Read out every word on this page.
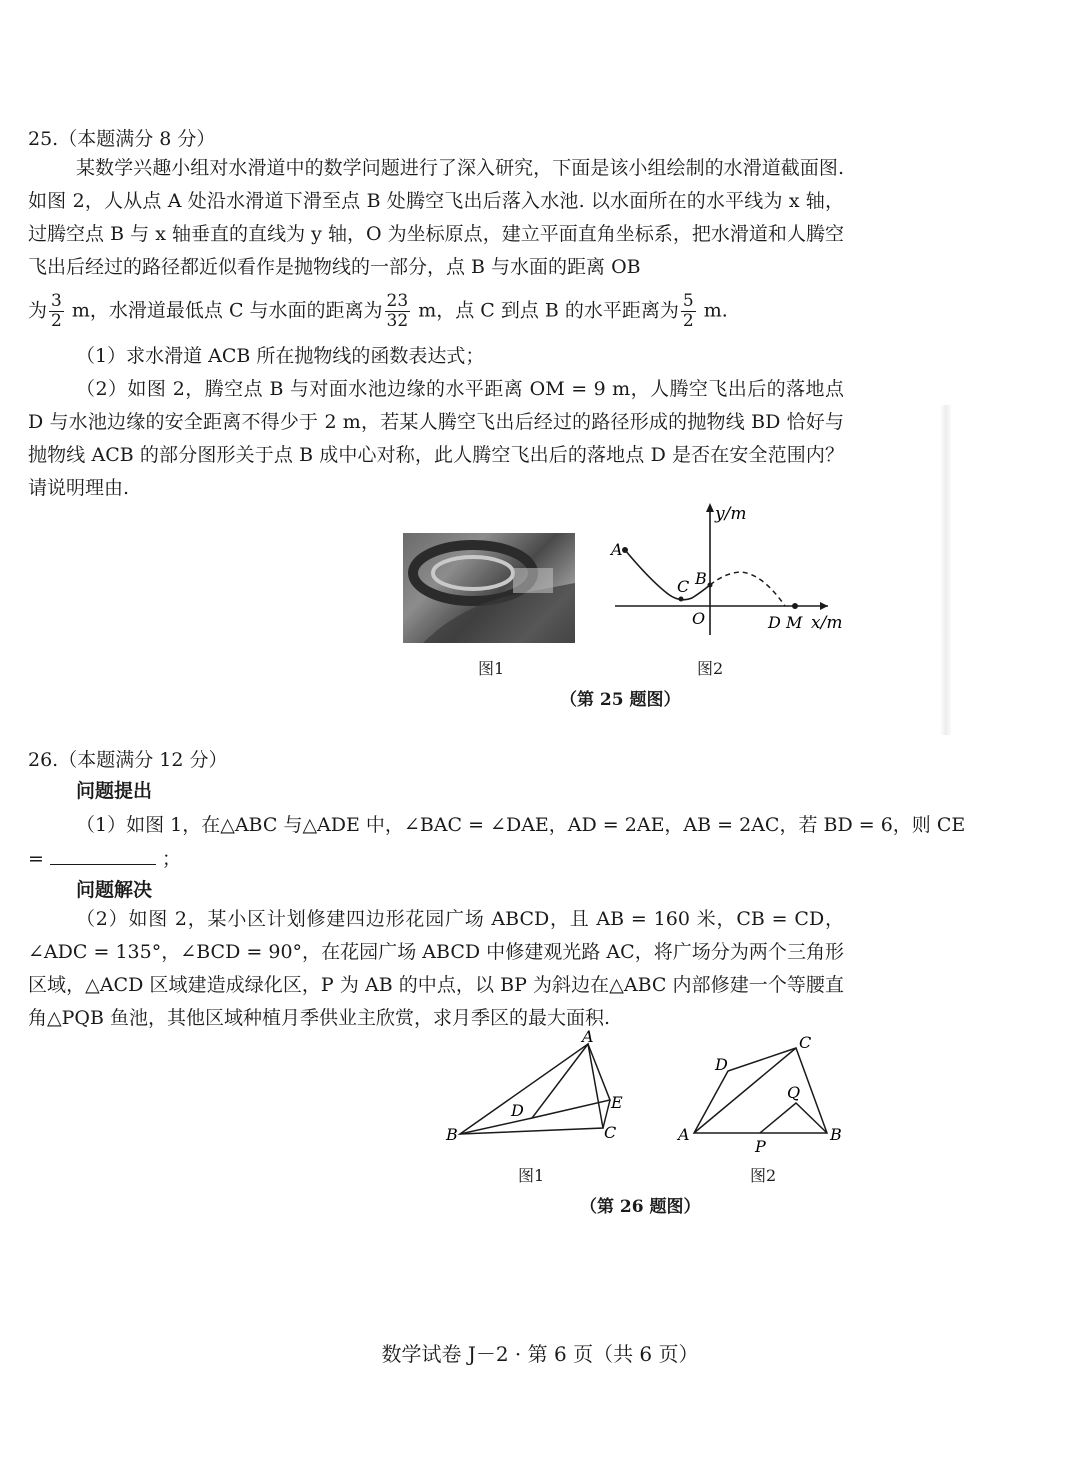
25.（本题满分 8 分）
某数学兴趣小组对水滑道中的数学问题进行了深入研究，下面是该小组绘制的水滑道截面图. 如图 2，人从点 A 处沿水滑道下滑至点 B 处腾空飞出后落入水池. 以水面所在的水平线为 x 轴，过腾空点 B 与 x 轴垂直的直线为 y 轴，O 为坐标原点，建立平面直角坐标系，把水滑道和人腾空飞出后经过的路径都近似看作是抛物线的一部分，点 B 与水面的距离 OB
为 $\frac{3}{2}$ m，水滑道最低点 C 与水面的距离为 $\frac{23}{32}$ m，点 C 到点 B 的水平距离为 $\frac{5}{2} m$.
（1）求水滑道 ACB 所在抛物线的函数表达式；
（2）如图 2，腾空点 B 与对面水池边缘的水平距离 OM = 9 m，人腾空飞出后的落地点 D 与水池边缘的安全距离不得少于 2 m，若某人腾空飞出后经过的路径形成的抛物线 BD 恰好与抛物线 ACB 的部分图形关于点 B 成中心对称，此人腾空飞出后的落地点 D 是否在安全范围内？请说明理由.
图1
y/m
x/m
A
C B
O	D M
图2
（第 25 题图）
26.（本题满分 12 分）
问题提出
（1）如图 1，在△ABC 与△ADE 中，∠BAC = ∠DAE，AD = 2AE，AB = 2AC，若 BD = 6，则 CE
=	；
问题解决
（2）如图 2，某小区计划修建四边形花园广场 ABCD，且 AB = 160 米，CB = CD，∠ADC = 135°，∠BCD = 90°，在花园广场 ABCD 中修建观光路 AC，将广场分为两个三角形区域，△ACD 区域建造成绿化区，P 为 AB 的中点，以 BP 为斜边在△ABC 内部修建一个等腰直角△PQB 鱼池，其他区域种植月季供业主欣赏，求月季区的最大面积.
A
B	C
D	E
图1
C
D
A	B
P
Q
图2
（第 26 题图）
数学试卷 J－2 · 第 6 页（共 6 页）
